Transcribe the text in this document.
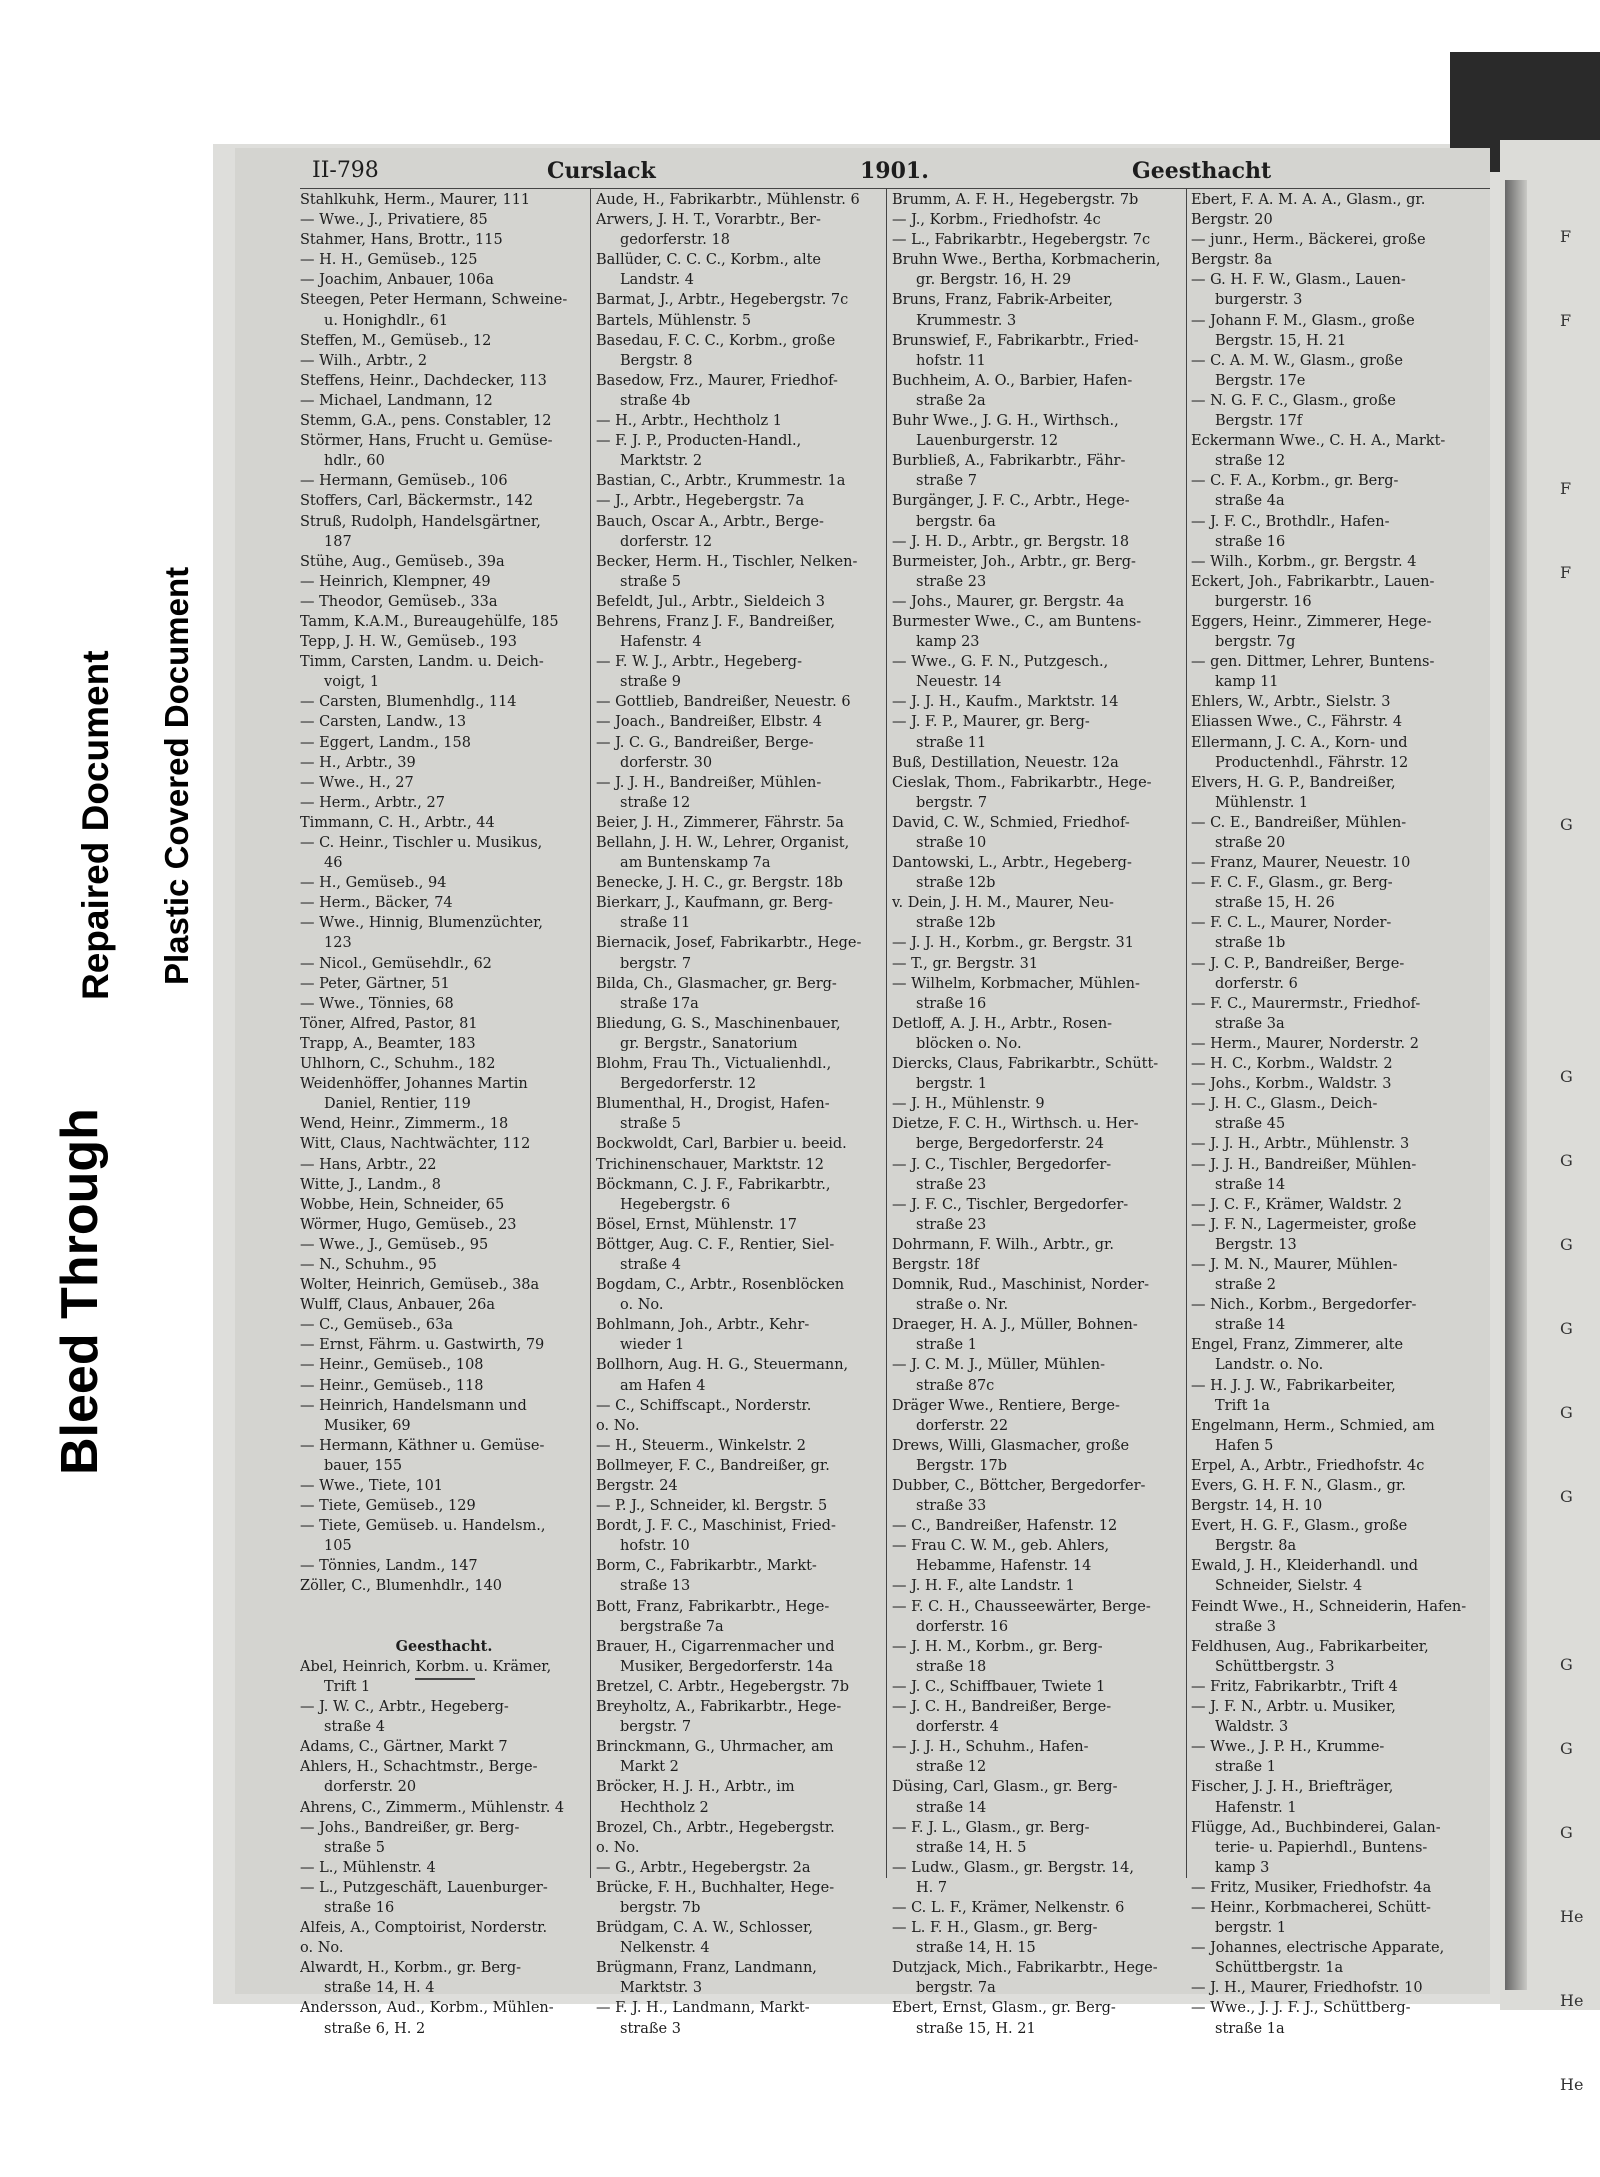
F
F
F
F
G
G
G
G
G
G
G
G
G
G
He
He
He
II-798	Curslack	1901.	Geesthacht
Stahlkuhk, Herm., Maurer, 111
— Wwe., J., Privatiere, 85
Stahmer, Hans, Brottr., 115
— H. H., Gemüseb., 125
— Joachim, Anbauer, 106a
Steegen, Peter Hermann, Schweine-
u. Honighdlr., 61
Steffen, M., Gemüseb., 12
— Wilh., Arbtr., 2
Steffens, Heinr., Dachdecker, 113
— Michael, Landmann, 12
Stemm, G.A., pens. Constabler, 12
Störmer, Hans, Frucht u. Gemüse-
hdlr., 60
— Hermann, Gemüseb., 106
Stoffers, Carl, Bäckermstr., 142
Struß, Rudolph, Handelsgärtner,
187
Stühe, Aug., Gemüseb., 39a
— Heinrich, Klempner, 49
— Theodor, Gemüseb., 33a
Tamm, K.A.M., Bureaugehülfe, 185
Tepp, J. H. W., Gemüseb., 193
Timm, Carsten, Landm. u. Deich-
voigt, 1
— Carsten, Blumenhdlg., 114
— Carsten, Landw., 13
— Eggert, Landm., 158
— H., Arbtr., 39
— Wwe., H., 27
— Herm., Arbtr., 27
Timmann, C. H., Arbtr., 44
— C. Heinr., Tischler u. Musikus,
46
— H., Gemüseb., 94
— Herm., Bäcker, 74
— Wwe., Hinnig, Blumenzüchter,
123
— Nicol., Gemüsehdlr., 62
— Peter, Gärtner, 51
— Wwe., Tönnies, 68
Töner, Alfred, Pastor, 81
Trapp, A., Beamter, 183
Uhlhorn, C., Schuhm., 182
Weidenhöffer, Johannes Martin
Daniel, Rentier, 119
Wend, Heinr., Zimmerm., 18
Witt, Claus, Nachtwächter, 112
— Hans, Arbtr., 22
Witte, J., Landm., 8
Wobbe, Hein, Schneider, 65
Wörmer, Hugo, Gemüseb., 23
— Wwe., J., Gemüseb., 95
— N., Schuhm., 95
Wolter, Heinrich, Gemüseb., 38a
Wulff, Claus, Anbauer, 26a
— C., Gemüseb., 63a
— Ernst, Fährm. u. Gastwirth, 79
— Heinr., Gemüseb., 108
— Heinr., Gemüseb., 118
— Heinrich, Handelsmann und
Musiker, 69
— Hermann, Käthner u. Gemüse-
bauer, 155
— Wwe., Tiete, 101
— Tiete, Gemüseb., 129
— Tiete, Gemüseb. u. Handelsm.,
105
— Tönnies, Landm., 147
Zöller, C., Blumenhdlr., 140
Geesthacht.
Abel, Heinrich, Korbm. u. Krämer,
Trift 1
— J. W. C., Arbtr., Hegeberg-
straße 4
Adams, C., Gärtner, Markt 7
Ahlers, H., Schachtmstr., Berge-
dorferstr. 20
Ahrens, C., Zimmerm., Mühlenstr. 4
— Johs., Bandreißer, gr. Berg-
straße 5
— L., Mühlenstr. 4
— L., Putzgeschäft, Lauenburger-
straße 16
Alfeis, A., Comptoirist, Norderstr.
o. No.
Alwardt, H., Korbm., gr. Berg-
straße 14, H. 4
Andersson, Aud., Korbm., Mühlen-
straße 6, H. 2
Aude, H., Fabrikarbtr., Mühlenstr. 6
Arwers, J. H. T., Vorarbtr., Ber-
gedorferstr. 18
Ballüder, C. C. C., Korbm., alte
Landstr. 4
Barmat, J., Arbtr., Hegebergstr. 7c
Bartels, Mühlenstr. 5
Basedau, F. C. C., Korbm., große
Bergstr. 8
Basedow, Frz., Maurer, Friedhof-
straße 4b
— H., Arbtr., Hechtholz 1
— F. J. P., Producten-Handl.,
Marktstr. 2
Bastian, C., Arbtr., Krummestr. 1a
— J., Arbtr., Hegebergstr. 7a
Bauch, Oscar A., Arbtr., Berge-
dorferstr. 12
Becker, Herm. H., Tischler, Nelken-
straße 5
Befeldt, Jul., Arbtr., Sieldeich 3
Behrens, Franz J. F., Bandreißer,
Hafenstr. 4
— F. W. J., Arbtr., Hegeberg-
straße 9
— Gottlieb, Bandreißer, Neuestr. 6
— Joach., Bandreißer, Elbstr. 4
— J. C. G., Bandreißer, Berge-
dorferstr. 30
— J. J. H., Bandreißer, Mühlen-
straße 12
Beier, J. H., Zimmerer, Fährstr. 5a
Bellahn, J. H. W., Lehrer, Organist,
am Buntenskamp 7a
Benecke, J. H. C., gr. Bergstr. 18b
Bierkarr, J., Kaufmann, gr. Berg-
straße 11
Biernacik, Josef, Fabrikarbtr., Hege-
bergstr. 7
Bilda, Ch., Glasmacher, gr. Berg-
straße 17a
Bliedung, G. S., Maschinenbauer,
gr. Bergstr., Sanatorium
Blohm, Frau Th., Victualienhdl.,
Bergedorferstr. 12
Blumenthal, H., Drogist, Hafen-
straße 5
Bockwoldt, Carl, Barbier u. beeid.
Trichinenschauer, Marktstr. 12
Böckmann, C. J. F., Fabrikarbtr.,
Hegebergstr. 6
Bösel, Ernst, Mühlenstr. 17
Böttger, Aug. C. F., Rentier, Siel-
straße 4
Bogdam, C., Arbtr., Rosenblöcken
o. No.
Bohlmann, Joh., Arbtr., Kehr-
wieder 1
Bollhorn, Aug. H. G., Steuermann,
am Hafen 4
— C., Schiffscapt., Norderstr.
o. No.
— H., Steuerm., Winkelstr. 2
Bollmeyer, F. C., Bandreißer, gr.
Bergstr. 24
— P. J., Schneider, kl. Bergstr. 5
Bordt, J. F. C., Maschinist, Fried-
hofstr. 10
Borm, C., Fabrikarbtr., Markt-
straße 13
Bott, Franz, Fabrikarbtr., Hege-
bergstraße 7a
Brauer, H., Cigarrenmacher und
Musiker, Bergedorferstr. 14a
Bretzel, C. Arbtr., Hegebergstr. 7b
Breyholtz, A., Fabrikarbtr., Hege-
bergstr. 7
Brinckmann, G., Uhrmacher, am
Markt 2
Bröcker, H. J. H., Arbtr., im
Hechtholz 2
Brozel, Ch., Arbtr., Hegebergstr.
o. No.
— G., Arbtr., Hegebergstr. 2a
Brücke, F. H., Buchhalter, Hege-
bergstr. 7b
Brüdgam, C. A. W., Schlosser,
Nelkenstr. 4
Brügmann, Franz, Landmann,
Marktstr. 3
— F. J. H., Landmann, Markt-
straße 3
Brumm, A. F. H., Hegebergstr. 7b
— J., Korbm., Friedhofstr. 4c
— L., Fabrikarbtr., Hegebergstr. 7c
Bruhn Wwe., Bertha, Korbmacherin,
gr. Bergstr. 16, H. 29
Bruns, Franz, Fabrik-Arbeiter,
Krummestr. 3
Brunswief, F., Fabrikarbtr., Fried-
hofstr. 11
Buchheim, A. O., Barbier, Hafen-
straße 2a
Buhr Wwe., J. G. H., Wirthsch.,
Lauenburgerstr. 12
Burbließ, A., Fabrikarbtr., Fähr-
straße 7
Burgänger, J. F. C., Arbtr., Hege-
bergstr. 6a
— J. H. D., Arbtr., gr. Bergstr. 18
Burmeister, Joh., Arbtr., gr. Berg-
straße 23
— Johs., Maurer, gr. Bergstr. 4a
Burmester Wwe., C., am Buntens-
kamp 23
— Wwe., G. F. N., Putzgesch.,
Neuestr. 14
— J. J. H., Kaufm., Marktstr. 14
— J. F. P., Maurer, gr. Berg-
straße 11
Buß, Destillation, Neuestr. 12a
Cieslak, Thom., Fabrikarbtr., Hege-
bergstr. 7
David, C. W., Schmied, Friedhof-
straße 10
Dantowski, L., Arbtr., Hegeberg-
straße 12b
v. Dein, J. H. M., Maurer, Neu-
straße 12b
— J. J. H., Korbm., gr. Bergstr. 31
— T., gr. Bergstr. 31
— Wilhelm, Korbmacher, Mühlen-
straße 16
Detloff, A. J. H., Arbtr., Rosen-
blöcken o. No.
Diercks, Claus, Fabrikarbtr., Schütt-
bergstr. 1
— J. H., Mühlenstr. 9
Dietze, F. C. H., Wirthsch. u. Her-
berge, Bergedorferstr. 24
— J. C., Tischler, Bergedorfer-
straße 23
— J. F. C., Tischler, Bergedorfer-
straße 23
Dohrmann, F. Wilh., Arbtr., gr.
Bergstr. 18f
Domnik, Rud., Maschinist, Norder-
straße o. Nr.
Draeger, H. A. J., Müller, Bohnen-
straße 1
— J. C. M. J., Müller, Mühlen-
straße 87c
Dräger Wwe., Rentiere, Berge-
dorferstr. 22
Drews, Willi, Glasmacher, große
Bergstr. 17b
Dubber, C., Böttcher, Bergedorfer-
straße 33
— C., Bandreißer, Hafenstr. 12
— Frau C. W. M., geb. Ahlers,
Hebamme, Hafenstr. 14
— J. H. F., alte Landstr. 1
— F. C. H., Chausseewärter, Berge-
dorferstr. 16
— J. H. M., Korbm., gr. Berg-
straße 18
— J. C., Schiffbauer, Twiete 1
— J. C. H., Bandreißer, Berge-
dorferstr. 4
— J. J. H., Schuhm., Hafen-
straße 12
Düsing, Carl, Glasm., gr. Berg-
straße 14
— F. J. L., Glasm., gr. Berg-
straße 14, H. 5
— Ludw., Glasm., gr. Bergstr. 14,
H. 7
— C. L. F., Krämer, Nelkenstr. 6
— L. F. H., Glasm., gr. Berg-
straße 14, H. 15
Dutzjack, Mich., Fabrikarbtr., Hege-
bergstr. 7a
Ebert, Ernst, Glasm., gr. Berg-
straße 15, H. 21
Ebert, F. A. M. A. A., Glasm., gr.
Bergstr. 20
— junr., Herm., Bäckerei, große
Bergstr. 8a
— G. H. F. W., Glasm., Lauen-
burgerstr. 3
— Johann F. M., Glasm., große
Bergstr. 15, H. 21
— C. A. M. W., Glasm., große
Bergstr. 17e
— N. G. F. C., Glasm., große
Bergstr. 17f
Eckermann Wwe., C. H. A., Markt-
straße 12
— C. F. A., Korbm., gr. Berg-
straße 4a
— J. F. C., Brothdlr., Hafen-
straße 16
— Wilh., Korbm., gr. Bergstr. 4
Eckert, Joh., Fabrikarbtr., Lauen-
burgerstr. 16
Eggers, Heinr., Zimmerer, Hege-
bergstr. 7g
— gen. Dittmer, Lehrer, Buntens-
kamp 11
Ehlers, W., Arbtr., Sielstr. 3
Eliassen Wwe., C., Fährstr. 4
Ellermann, J. C. A., Korn- und
Productenhdl., Fährstr. 12
Elvers, H. G. P., Bandreißer,
Mühlenstr. 1
— C. E., Bandreißer, Mühlen-
straße 20
— Franz, Maurer, Neuestr. 10
— F. C. F., Glasm., gr. Berg-
straße 15, H. 26
— F. C. L., Maurer, Norder-
straße 1b
— J. C. P., Bandreißer, Berge-
dorferstr. 6
— F. C., Maurermstr., Friedhof-
straße 3a
— Herm., Maurer, Norderstr. 2
— H. C., Korbm., Waldstr. 2
— Johs., Korbm., Waldstr. 3
— J. H. C., Glasm., Deich-
straße 45
— J. J. H., Arbtr., Mühlenstr. 3
— J. J. H., Bandreißer, Mühlen-
straße 14
— J. C. F., Krämer, Waldstr. 2
— J. F. N., Lagermeister, große
Bergstr. 13
— J. M. N., Maurer, Mühlen-
straße 2
— Nich., Korbm., Bergedorfer-
straße 14
Engel, Franz, Zimmerer, alte
Landstr. o. No.
— H. J. J. W., Fabrikarbeiter,
Trift 1a
Engelmann, Herm., Schmied, am
Hafen 5
Erpel, A., Arbtr., Friedhofstr. 4c
Evers, G. H. F. N., Glasm., gr.
Bergstr. 14, H. 10
Evert, H. G. F., Glasm., große
Bergstr. 8a
Ewald, J. H., Kleiderhandl. und
Schneider, Sielstr. 4
Feindt Wwe., H., Schneiderin, Hafen-
straße 3
Feldhusen, Aug., Fabrikarbeiter,
Schüttbergstr. 3
— Fritz, Fabrikarbtr., Trift 4
— J. F. N., Arbtr. u. Musiker,
Waldstr. 3
— Wwe., J. P. H., Krumme-
straße 1
Fischer, J. J. H., Briefträger,
Hafenstr. 1
Flügge, Ad., Buchbinderei, Galan-
terie- u. Papierhdl., Buntens-
kamp 3
— Fritz, Musiker, Friedhofstr. 4a
— Heinr., Korbmacherei, Schütt-
bergstr. 1
— Johannes, electrische Apparate,
Schüttbergstr. 1a
— J. H., Maurer, Friedhofstr. 10
— Wwe., J. J. F. J., Schüttberg-
straße 1a
Bleed Through
Repaired Document Plastic Covered Document
